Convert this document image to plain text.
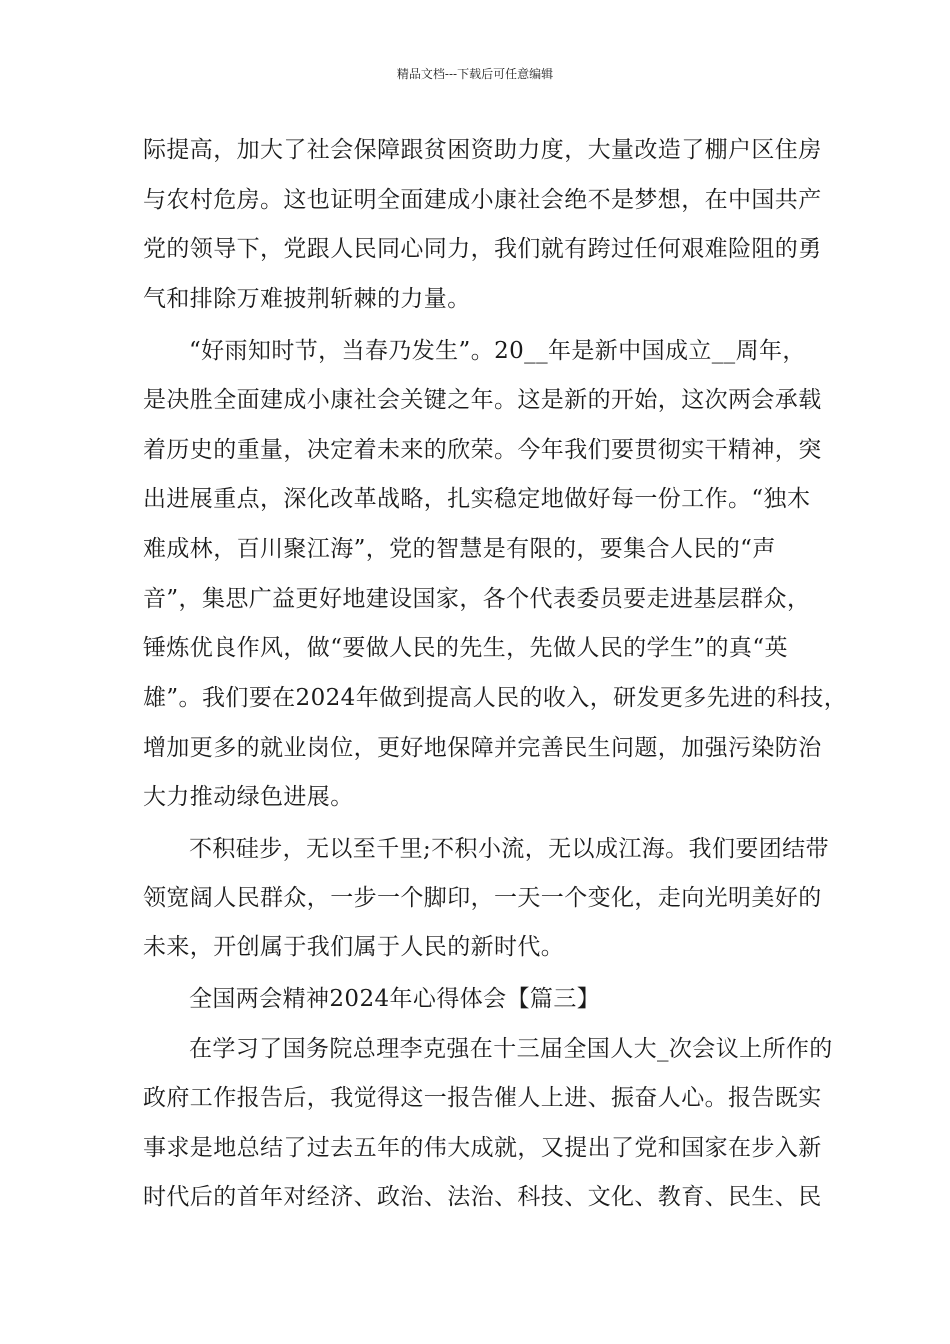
精品文档---下载后可任意编辑
际提高，加大了社会保障跟贫困资助力度，大量改造了棚户区住房
与农村危房。这也证明全面建成小康社会绝不是梦想，在中国共产
党的领导下，党跟人民同心同力，我们就有跨过任何艰难险阻的勇
气和排除万难披荆斩棘的力量。
“好雨知时节，当春乃发生”。20__年是新中国成立__周年，
是决胜全面建成小康社会关键之年。这是新的开始，这次两会承载
着历史的重量，决定着未来的欣荣。今年我们要贯彻实干精神，突
出进展重点，深化改革战略，扎实稳定地做好每一份工作。“独木
难成林，百川聚江海”，党的智慧是有限的，要集合人民的“声
音”，集思广益更好地建设国家，各个代表委员要走进基层群众，
锤炼优良作风，做“要做人民的先生，先做人民的学生”的真“英
雄”。我们要在2024年做到提高人民的收入，研发更多先进的科技，
增加更多的就业岗位，更好地保障并完善民生问题，加强污染防治
大力推动绿色进展。
不积硅步，无以至千里;不积小流，无以成江海。我们要团结带
领宽阔人民群众，一步一个脚印，一天一个变化，走向光明美好的
未来，开创属于我们属于人民的新时代。
全国两会精神2024年心得体会【篇三】
在学习了国务院总理李克强在十三届全国人大_次会议上所作的
政府工作报告后，我觉得这一报告催人上进、振奋人心。报告既实
事求是地总结了过去五年的伟大成就，又提出了党和国家在步入新
时代后的首年对经济、政治、法治、科技、文化、教育、民生、民
